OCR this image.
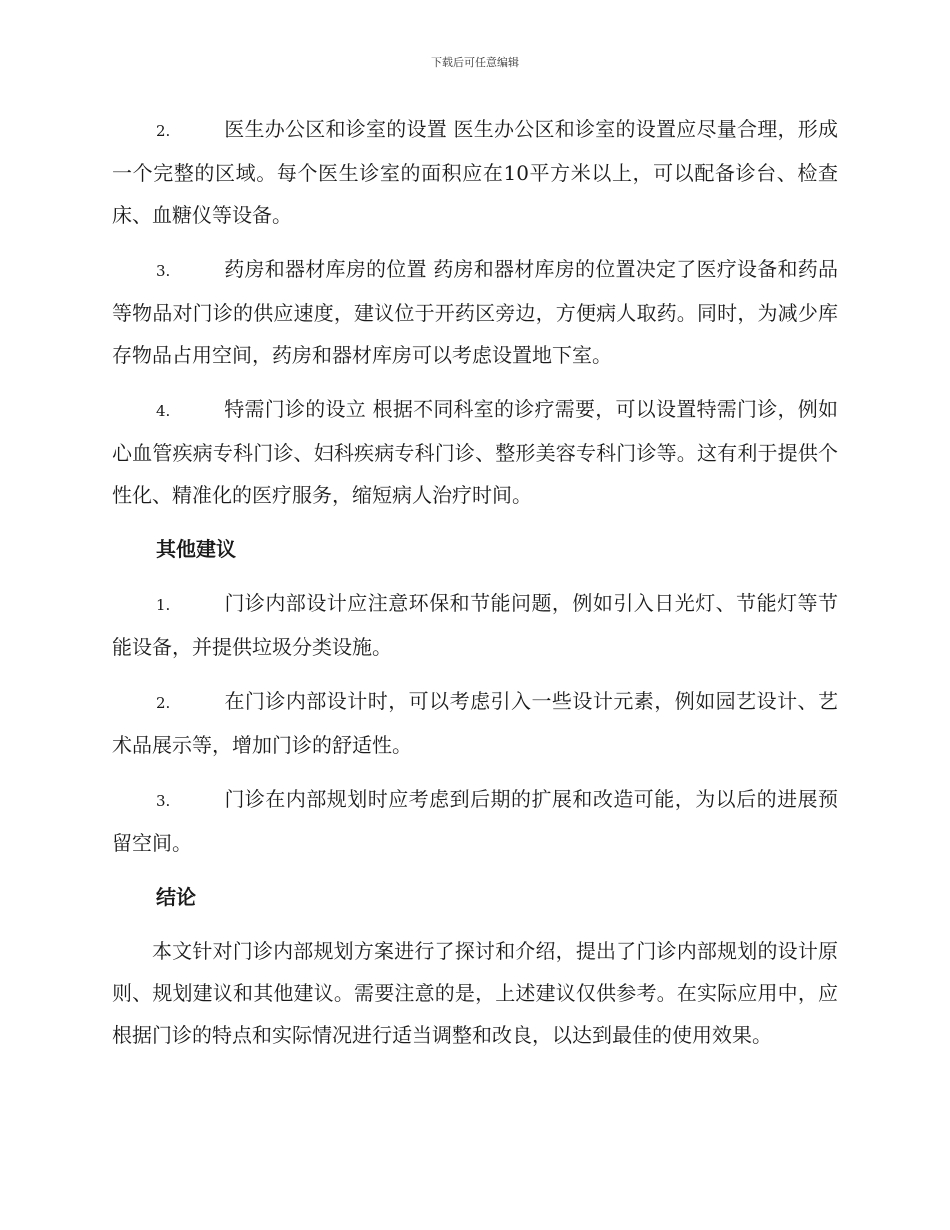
下载后可任意编辑

2.	医生办公区和诊室的设置 医生办公区和诊室的设置应尽量合理，形成一个完整的区域。每个医生诊室的面积应在10平方米以上，可以配备诊台、检查床、血糖仪等设备。

3.	药房和器材库房的位置 药房和器材库房的位置决定了医疗设备和药品等物品对门诊的供应速度，建议位于开药区旁边，方便病人取药。同时，为减少库存物品占用空间，药房和器材库房可以考虑设置地下室。

4.	特需门诊的设立 根据不同科室的诊疗需要，可以设置特需门诊，例如心血管疾病专科门诊、妇科疾病专科门诊、整形美容专科门诊等。这有利于提供个性化、精准化的医疗服务，缩短病人治疗时间。

其他建议

1.	门诊内部设计应注意环保和节能问题，例如引入日光灯、节能灯等节能设备，并提供垃圾分类设施。

2.	在门诊内部设计时，可以考虑引入一些设计元素，例如园艺设计、艺术品展示等，增加门诊的舒适性。

3.	门诊在内部规划时应考虑到后期的扩展和改造可能，为以后的进展预留空间。

结论

本文针对门诊内部规划方案进行了探讨和介绍，提出了门诊内部规划的设计原则、规划建议和其他建议。需要注意的是，上述建议仅供参考。在实际应用中，应根据门诊的特点和实际情况进行适当调整和改良，以达到最佳的使用效果。
